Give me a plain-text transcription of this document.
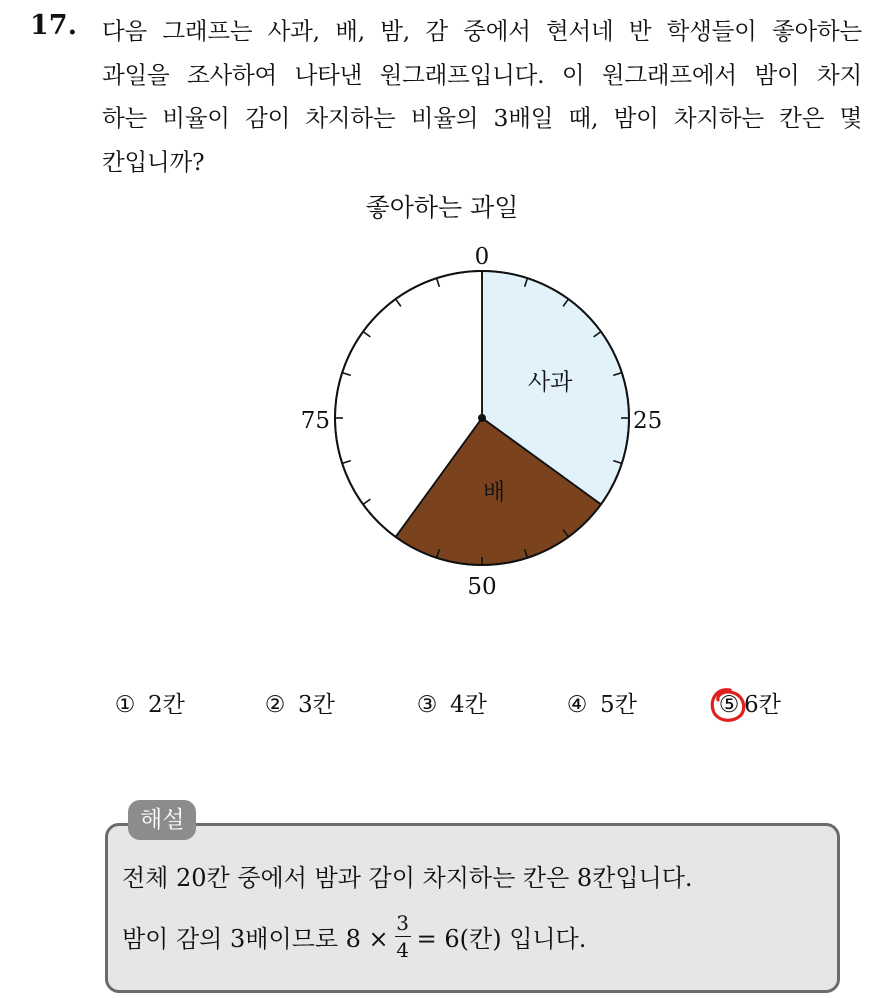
17. 다음 그래프는 사과, 배, 밤, 감 중에서 현서네 반 학생들이 좋아하는
과일을 조사하여 나타낸 원그래프입니다. 이 원그래프에서 밤이 차지
하는 비율이 감이 차지하는 비율의 3배일 때, 밤이 차지하는 칸은 몇
칸입니까?
좋아하는 과일
사과
배
0
25
50
75
① 2칸	② 3칸	③ 4칸	④ 5칸	⑤ 6칸
해설
전체 20칸 중에서 밤과 감이 차지하는 칸은 8칸입니다.
밤이 감의 3배이므로 $8 \times \frac{3}{4} = 6$(칸) 입니다.
